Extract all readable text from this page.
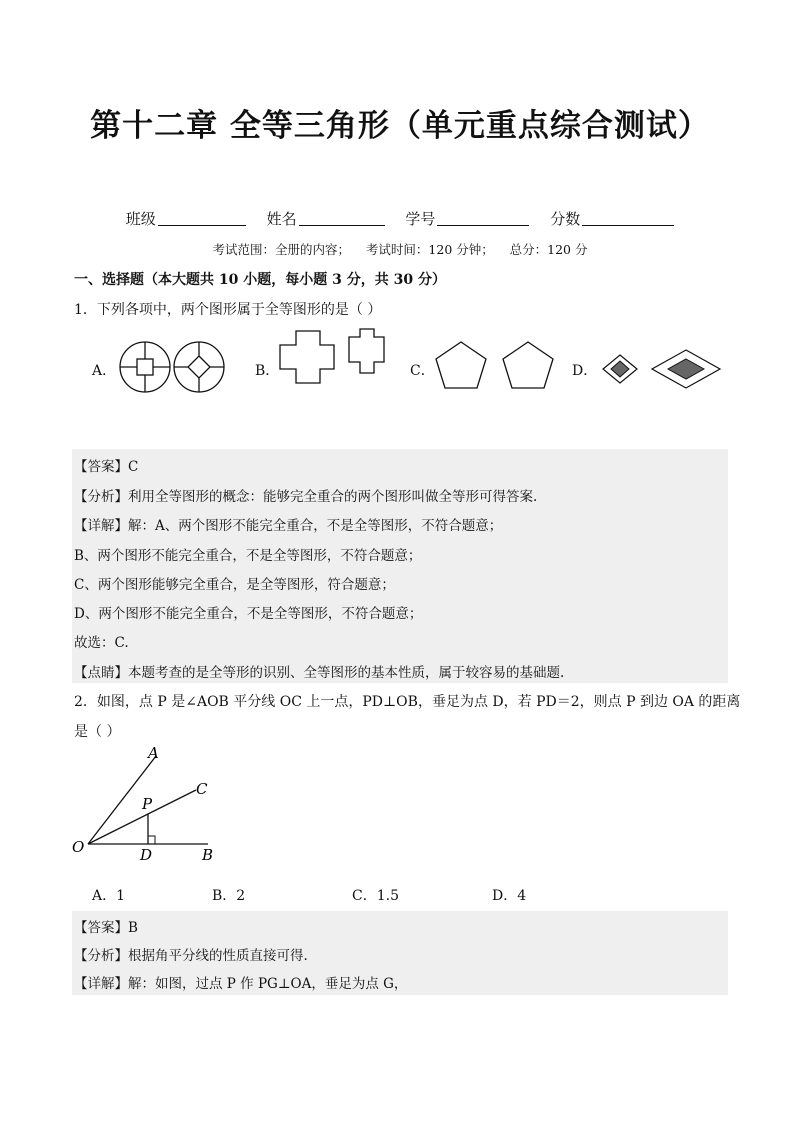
第十二章 全等三角形（单元重点综合测试）
班级	姓名	学号	分数
考试范围：全册的内容；    考试时间：120 分钟；    总分：120 分
一、选择题（本大题共 10 小题，每小题 3 分，共 30 分）
1．下列各项中，两个图形属于全等图形的是（ ）
A．	B．	C．	D．
【答案】C
【分析】利用全等图形的概念：能够完全重合的两个图形叫做全等形可得答案.
【详解】解：A、两个图形不能完全重合，不是全等图形，不符合题意；
B、两个图形不能完全重合，不是全等图形，不符合题意；
C、两个图形能够完全重合，是全等图形，符合题意；
D、两个图形不能完全重合，不是全等图形，不符合题意；
故选：C.
【点睛】本题考查的是全等形的识别、全等图形的基本性质，属于较容易的基础题.
2．如图，点 P 是∠AOB 平分线 OC 上一点，PD⊥OB，垂足为点 D，若 PD＝2，则点 P 到边 OA 的距离
是（ ）
A
C
P
O	D	B
A．1	B．2	C．1.5	D．4
【答案】B
【分析】根据角平分线的性质直接可得.
【详解】解：如图，过点 P 作 PG⊥OA，垂足为点 G，
